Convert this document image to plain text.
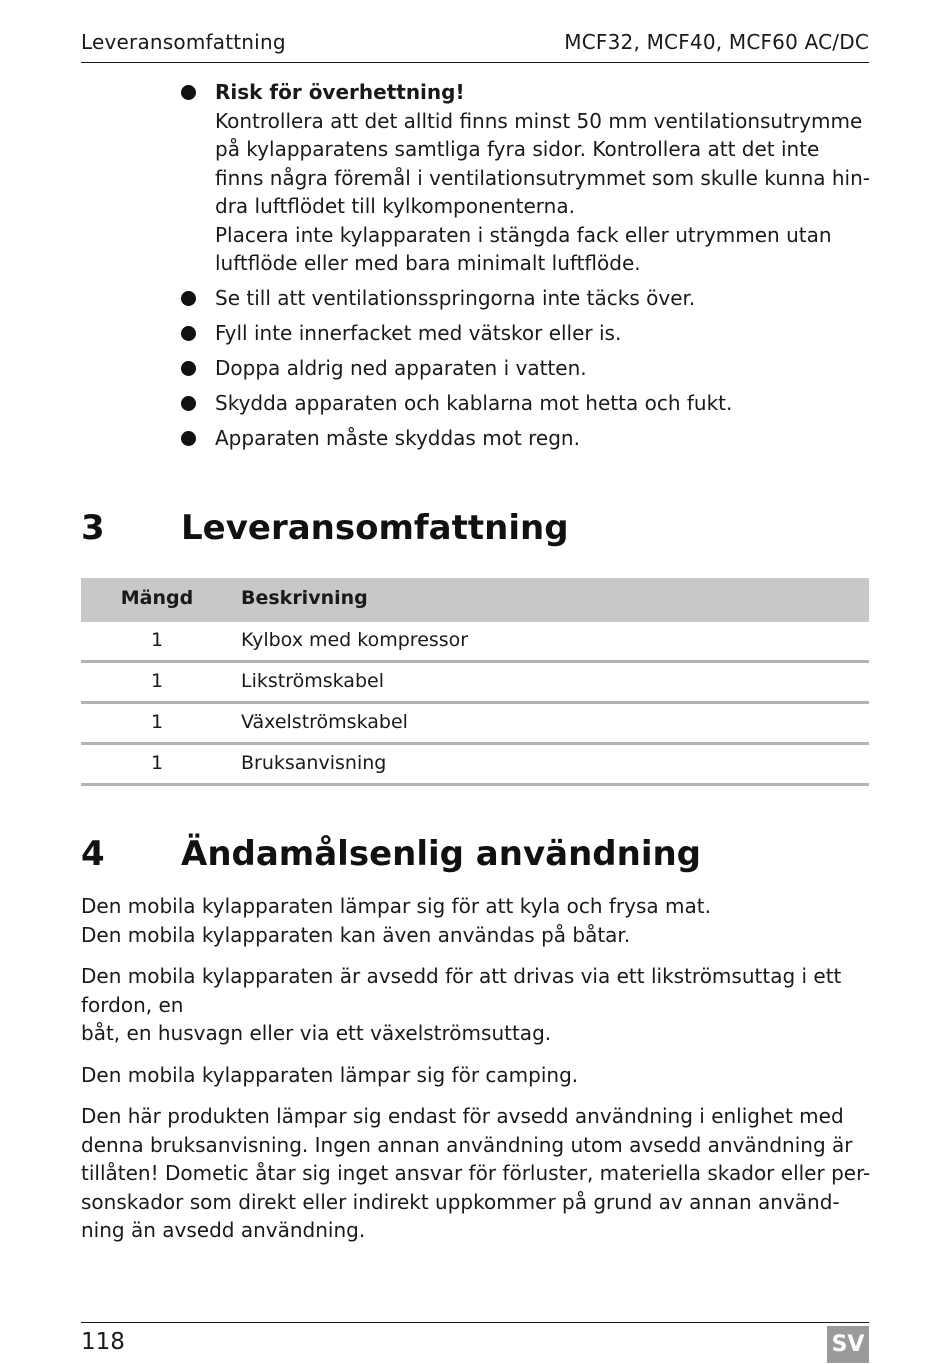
Leveransomfattning	MCF32, MCF40, MCF60 AC/DC
Risk för överhettning!
Kontrollera att det alltid finns minst 50 mm ventilationsutrymme
på kylapparatens samtliga fyra sidor. Kontrollera att det inte
finns några föremål i ventilationsutrymmet som skulle kunna hin-
dra luftflödet till kylkomponenterna.
Placera inte kylapparaten i stängda fack eller utrymmen utan
luftflöde eller med bara minimalt luftflöde.
Se till att ventilationsspringorna inte täcks över.
Fyll inte innerfacket med vätskor eller is.
Doppa aldrig ned apparaten i vatten.
Skydda apparaten och kablarna mot hetta och fukt.
Apparaten måste skyddas mot regn.
3 Leveransomfattning
Mängd	Beskrivning
1	Kylbox med kompressor
1	Likströmskabel
1	Växelströmskabel
1	Bruksanvisning
4 Ändamålsenlig användning

Den mobila kylapparaten lämpar sig för att kyla och frysa mat.
Den mobila kylapparaten kan även användas på båtar.

Den mobila kylapparaten är avsedd för att drivas via ett likströmsuttag i ett fordon, en
båt, en husvagn eller via ett växelströmsuttag.

Den mobila kylapparaten lämpar sig för camping.

Den här produkten lämpar sig endast för avsedd användning i enlighet med
denna bruksanvisning. Ingen annan användning utom avsedd användning är
tillåten! Dometic åtar sig inget ansvar för förluster, materiella skador eller per-
sonskador som direkt eller indirekt uppkommer på grund av annan använd-
ning än avsedd användning.

118	SV
